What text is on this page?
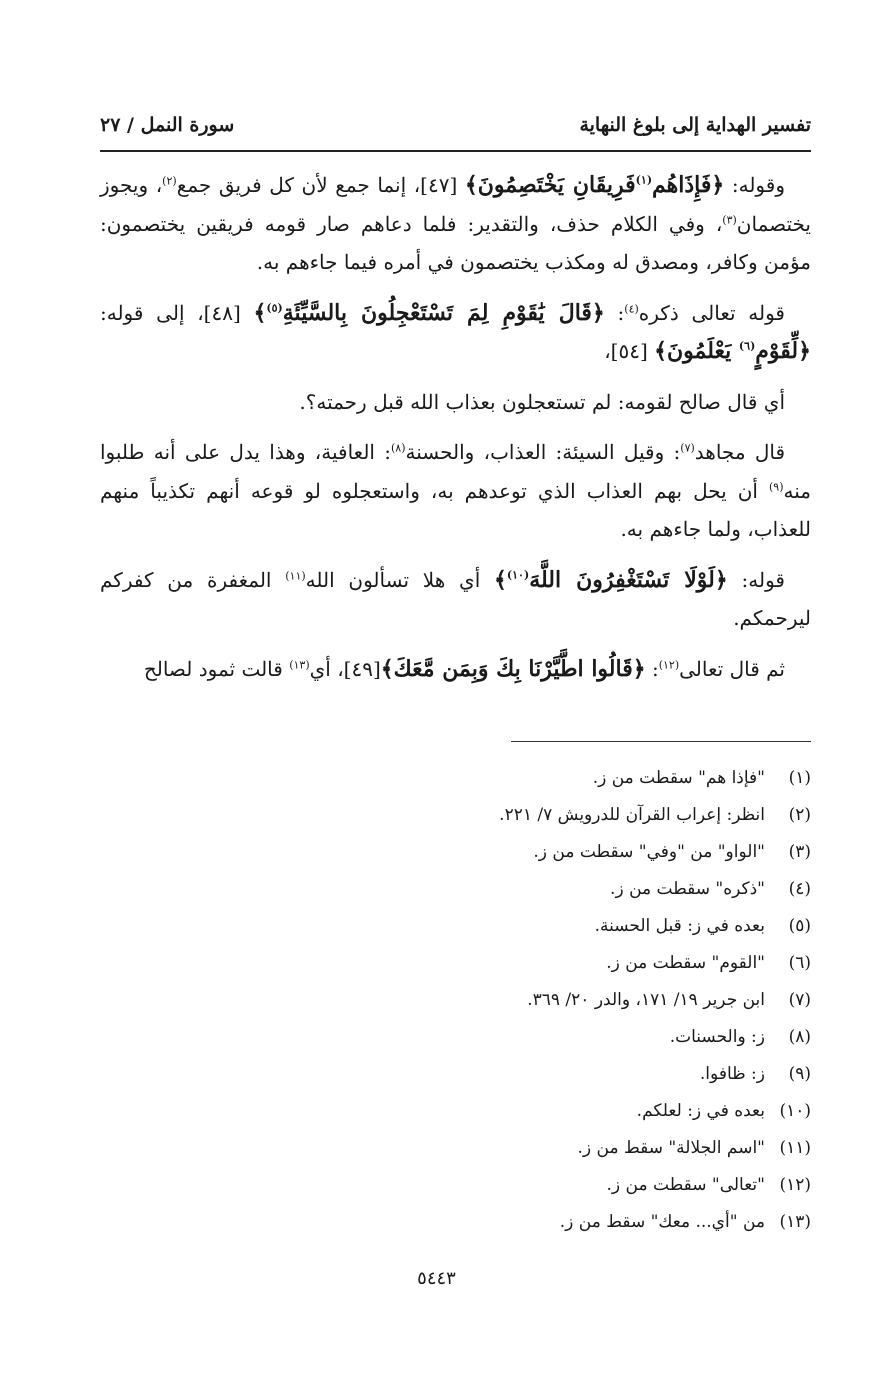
تفسير الهداية إلى بلوغ النهاية
سورة النمل / ٢٧

وقوله: ﴿فَإِذَاهُم$^{(١)}$فَرِيقَانِ يَخْتَصِمُونَ﴾ [٤٧]، إنما جمع لأن كل فريق جمع$^{(٢)}$، ويجوز يختصمان$^{(٣)}$، وفي الكلام حذف، والتقدير: فلما دعاهم صار قومه فريقين يختصمون: مؤمن وكافر، ومصدق له ومكذب يختصمون في أمره فيما جاءهم به.

قوله تعالى ذكره$^{(٤)}$: ﴿قَالَ يَٰقَوْمِ لِمَ تَسْتَعْجِلُونَ بِالسَّيِّئَةِ$^{(٥)}$﴾ [٤٨]، إلى قوله: ﴿لِّقَوْمٍ$^{(٦)}$ يَعْلَمُونَ﴾ [٥٤]،

أي قال صالح لقومه: لم تستعجلون بعذاب الله قبل رحمته؟.

قال مجاهد$^{(٧)}$: وقيل السيئة: العذاب، والحسنة$^{(٨)}$: العافية، وهذا يدل على أنه طلبوا منه$^{(٩)}$ أن يحل بهم العذاب الذي توعدهم به، واستعجلوه لو قوعه أنهم تكذيباً منهم للعذاب، ولما جاءهم به.

قوله: ﴿لَوْلَا تَسْتَغْفِرُونَ اللَّهَ$^{(١٠)}$﴾ أي هلا تسألون الله$^{(١١)}$ المغفرة من كفركم ليرحمكم.

ثم قال تعالى$^{(١٢)}$: ﴿قَالُوا اطَّيَّرْنَا بِكَ وَبِمَن مَّعَكَ﴾[٤٩]، أي$^{(١٣)}$ قالت ثمود لصالح

(١)
"فإذا هم" سقطت من ز.
(٢)
انظر: إعراب القرآن للدرويش ٧/ ٢٢١.
(٣)
"الواو" من "وفي" سقطت من ز.
(٤)
"ذكره" سقطت من ز.
(٥)
بعده في ز: قبل الحسنة.
(٦)
"القوم" سقطت من ز.
(٧)
ابن جرير ١٩/ ١٧١، والدر ٢٠/ ٣٦٩.
(٨)
ز: والحسنات.
(٩)
ز: ظافوا.
(١٠)
بعده في ز: لعلكم.
(١١)
"اسم الجلالة" سقط من ز.
(١٢)
"تعالى" سقطت من ز.
(١٣)
من "أي... معك" سقط من ز.
٥٤٤٣
